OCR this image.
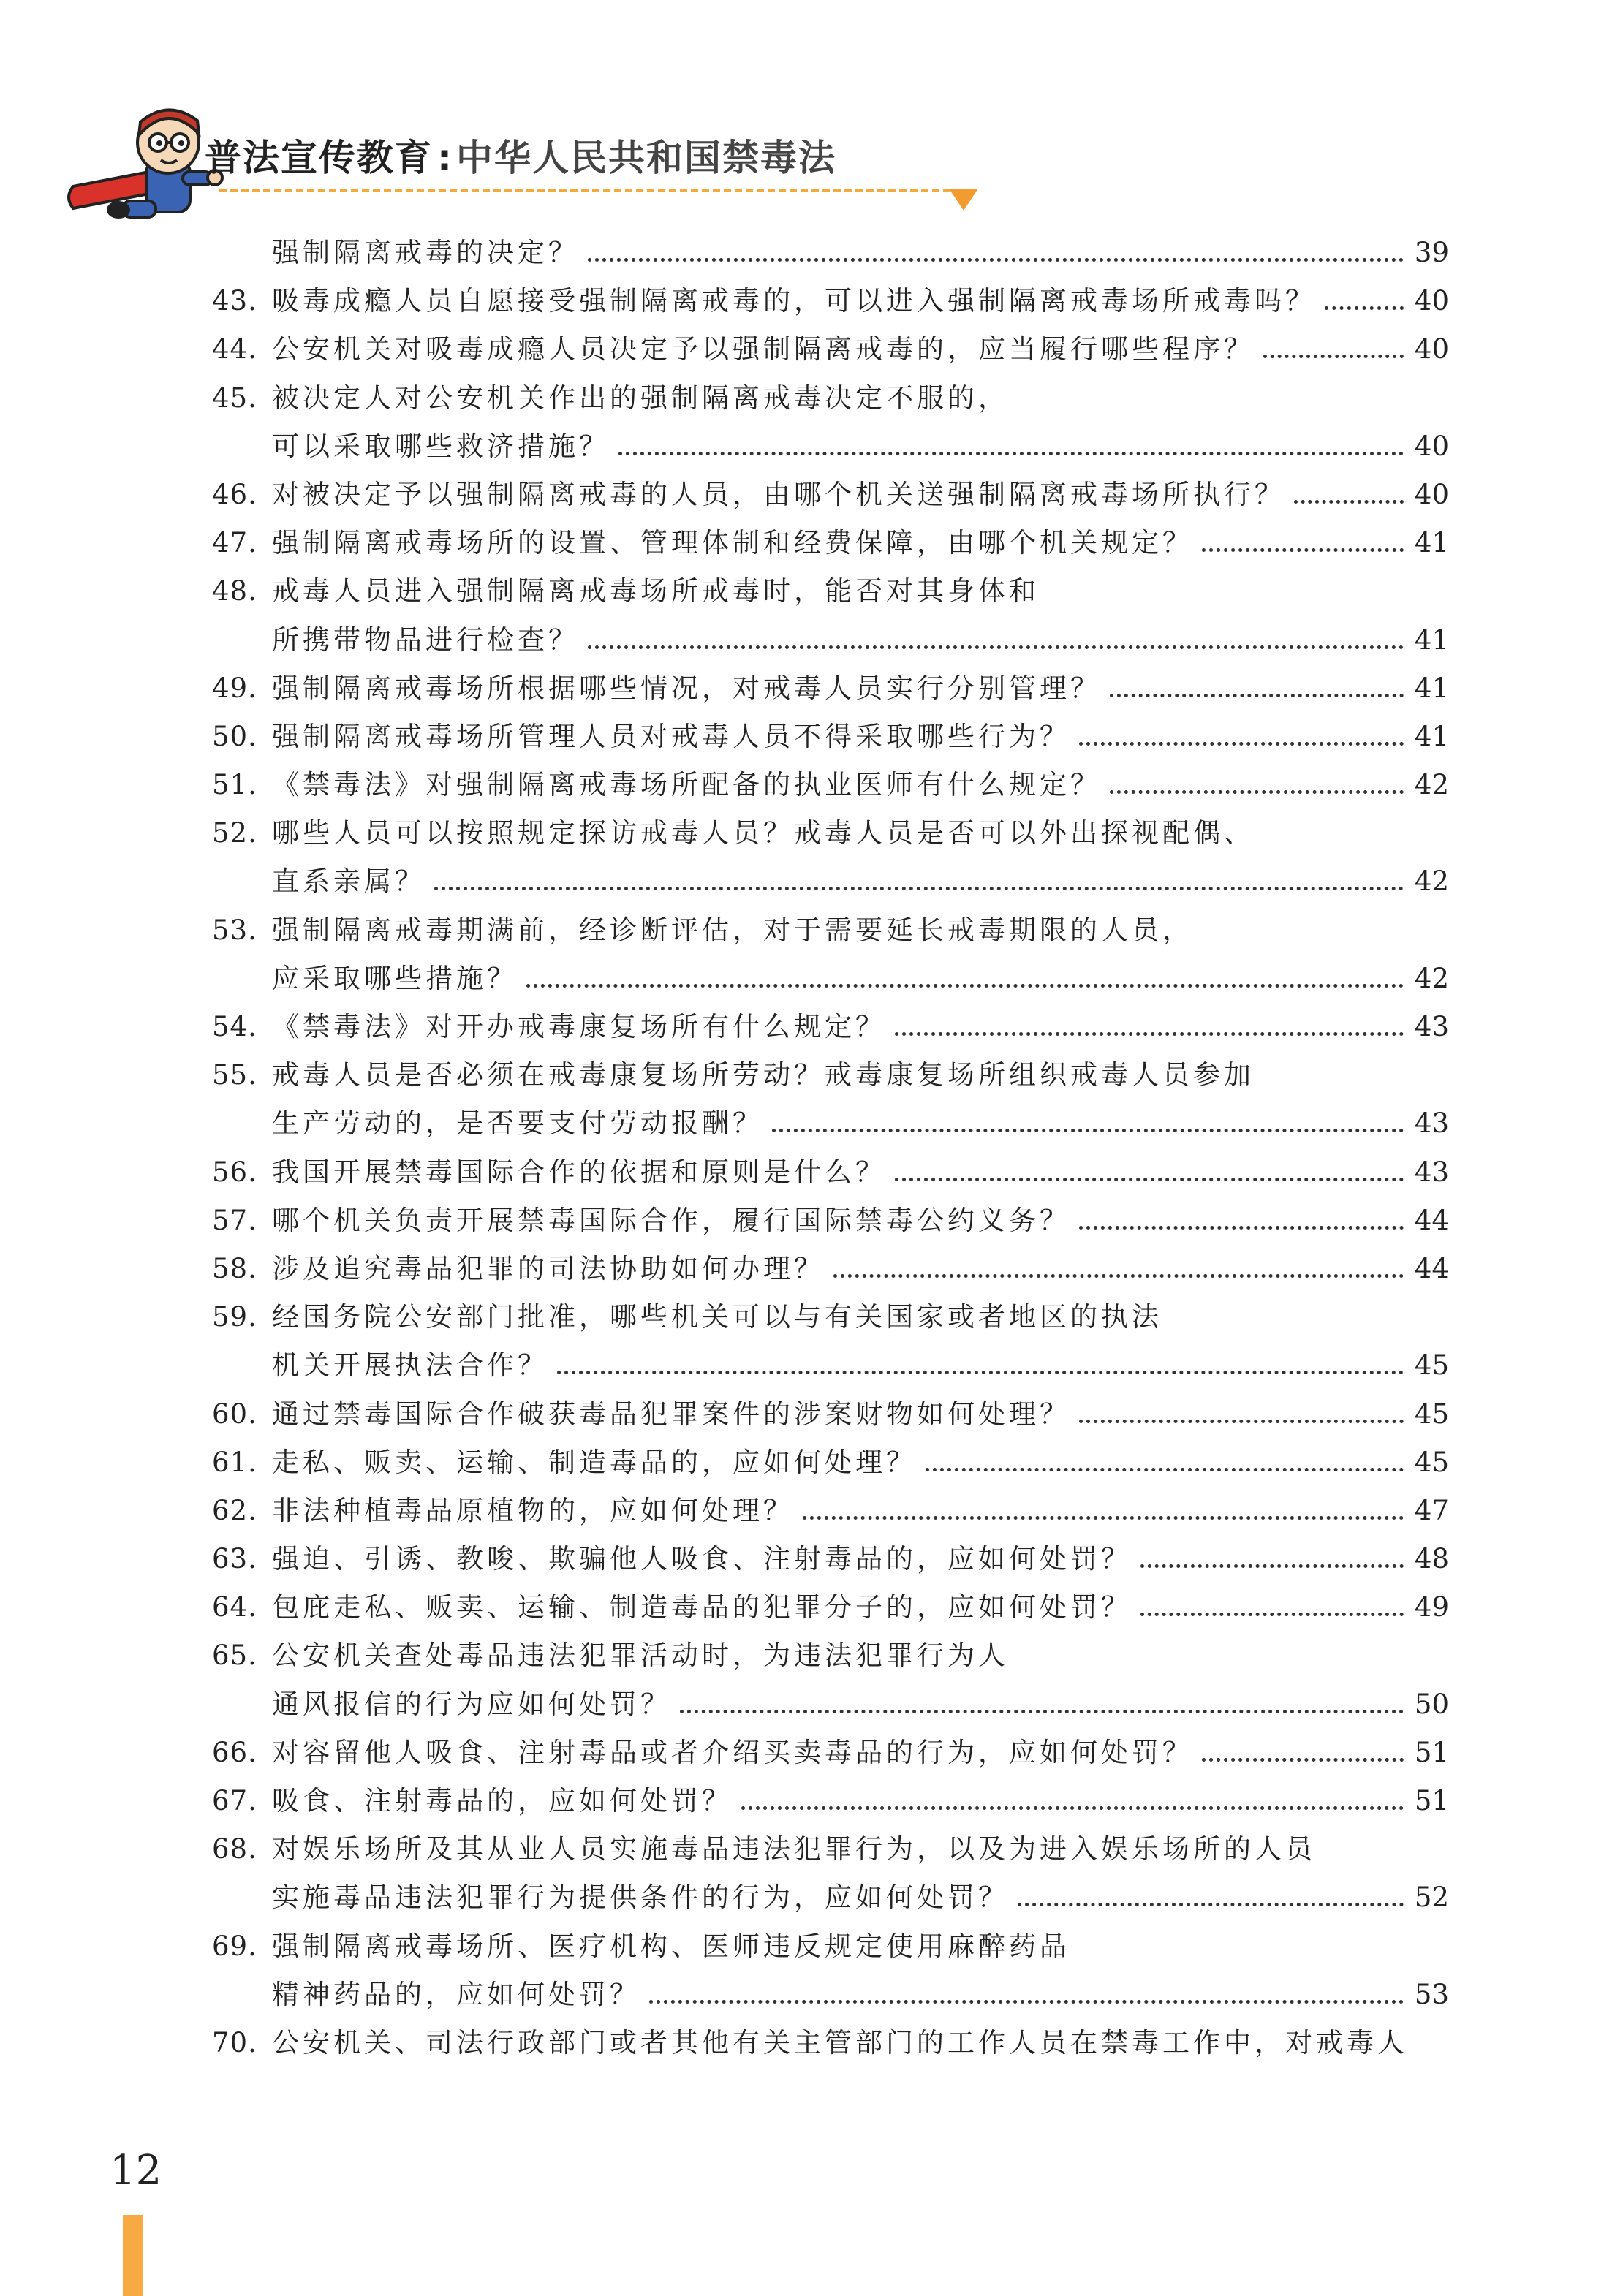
普法宣传教育 : 中华人民共和国禁毒法
强制隔离戒毒的决定？	39
43. 吸毒成瘾人员自愿接受强制隔离戒毒的，可以进入强制隔离戒毒场所戒毒吗？	40
44. 公安机关对吸毒成瘾人员决定予以强制隔离戒毒的，应当履行哪些程序？	40
45. 被决定人对公安机关作出的强制隔离戒毒决定不服的，
可以采取哪些救济措施？	40
46. 对被决定予以强制隔离戒毒的人员，由哪个机关送强制隔离戒毒场所执行？	40
47. 强制隔离戒毒场所的设置、管理体制和经费保障，由哪个机关规定？	41
48. 戒毒人员进入强制隔离戒毒场所戒毒时，能否对其身体和
所携带物品进行检查？	41
49. 强制隔离戒毒场所根据哪些情况，对戒毒人员实行分别管理？	41
50. 强制隔离戒毒场所管理人员对戒毒人员不得采取哪些行为？	41
51. 《禁毒法》对强制隔离戒毒场所配备的执业医师有什么规定？	42
52. 哪些人员可以按照规定探访戒毒人员？戒毒人员是否可以外出探视配偶、
直系亲属？	42
53. 强制隔离戒毒期满前，经诊断评估，对于需要延长戒毒期限的人员，
应采取哪些措施？	42
54. 《禁毒法》对开办戒毒康复场所有什么规定？	43
55. 戒毒人员是否必须在戒毒康复场所劳动？戒毒康复场所组织戒毒人员参加
生产劳动的，是否要支付劳动报酬？	43
56. 我国开展禁毒国际合作的依据和原则是什么？	43
57. 哪个机关负责开展禁毒国际合作，履行国际禁毒公约义务？	44
58. 涉及追究毒品犯罪的司法协助如何办理？	44
59. 经国务院公安部门批准，哪些机关可以与有关国家或者地区的执法
机关开展执法合作？	45
60. 通过禁毒国际合作破获毒品犯罪案件的涉案财物如何处理？	45
61. 走私、贩卖、运输、制造毒品的，应如何处理？	45
62. 非法种植毒品原植物的，应如何处理？	47
63. 强迫、引诱、教唆、欺骗他人吸食、注射毒品的，应如何处罚？	48
64. 包庇走私、贩卖、运输、制造毒品的犯罪分子的，应如何处罚？	49
65. 公安机关查处毒品违法犯罪活动时，为违法犯罪行为人
通风报信的行为应如何处罚？	50
66. 对容留他人吸食、注射毒品或者介绍买卖毒品的行为，应如何处罚？	51
67. 吸食、注射毒品的，应如何处罚？	51
68. 对娱乐场所及其从业人员实施毒品违法犯罪行为，以及为进入娱乐场所的人员
实施毒品违法犯罪行为提供条件的行为，应如何处罚？	52
69. 强制隔离戒毒场所、医疗机构、医师违反规定使用麻醉药品
精神药品的，应如何处罚？	53
70. 公安机关、司法行政部门或者其他有关主管部门的工作人员在禁毒工作中，对戒毒人
12
